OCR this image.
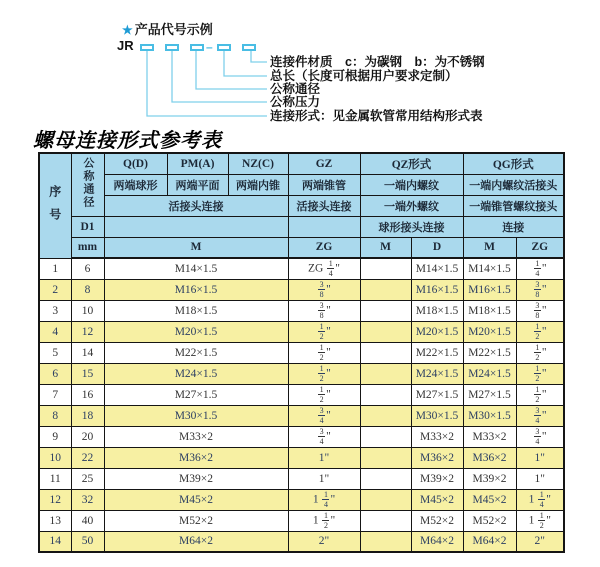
★ 产品代号示例
JR	–
连接件材质　c：为碳钢　b：为不锈钢
总长（长度可根据用户要求定制）
公称通径
公称压力
连接形式：见金属软管常用结构形式表
螺母连接形式参考表
序号	公称通径	Q(D)	PM(A)	NZ(C)	GZ	QZ形式		QG形式	
		两端球形	两端平面	两端内锥	两端锥管	一端内螺纹		一端内螺纹活接头	
		活接头连接			活接头连接	一端外螺纹		一端锥管螺纹接头	
	D1					球形接头连接		连接	
	mm	M			ZG	M	D	M	ZG
1	6	M14×1.5			ZG $\frac{1}{4}$ "		M14×1.5	M14×1.5	$\frac{1}{4}$ "
2	8	M16×1.5			$\frac{3}{8}$ "		M16×1.5	M16×1.5	$\frac{3}{8}$ "
3	10	M18×1.5			$\frac{3}{8}$ "		M18×1.5	M18×1.5	$\frac{3}{8}$ "
4	12	M20×1.5			$\frac{1}{2}$ "		M20×1.5	M20×1.5	$\frac{1}{2}$ "
5	14	M22×1.5			$\frac{1}{2}$ "		M22×1.5	M22×1.5	$\frac{1}{2}$ "
6	15	M24×1.5			$\frac{1}{2}$ "		M24×1.5	M24×1.5	$\frac{1}{2}$ "
7	16	M27×1.5			$\frac{1}{2}$ "		M27×1.5	M27×1.5	$\frac{1}{2}$ "
8	18	M30×1.5			$\frac{3}{4}$ "		M30×1.5	M30×1.5	$\frac{3}{4}$ "
9	20	M33×2			$\frac{3}{4}$ "		M33×2	M33×2	$\frac{3}{4}$ "
10	22	M36×2			1"		M36×2	M36×2	1"
11	25	M39×2			1"		M39×2	M39×2	1"
12	32	M45×2			$1 \frac{1}{4}$ "		M45×2	M45×2	$1 \frac{1}{4}$ "
13	40	M52×2			$1 \frac{1}{2}$ "		M52×2	M52×2	$1 \frac{1}{2}$ "
14	50	M64×2			2"		M64×2	M64×2	2"
